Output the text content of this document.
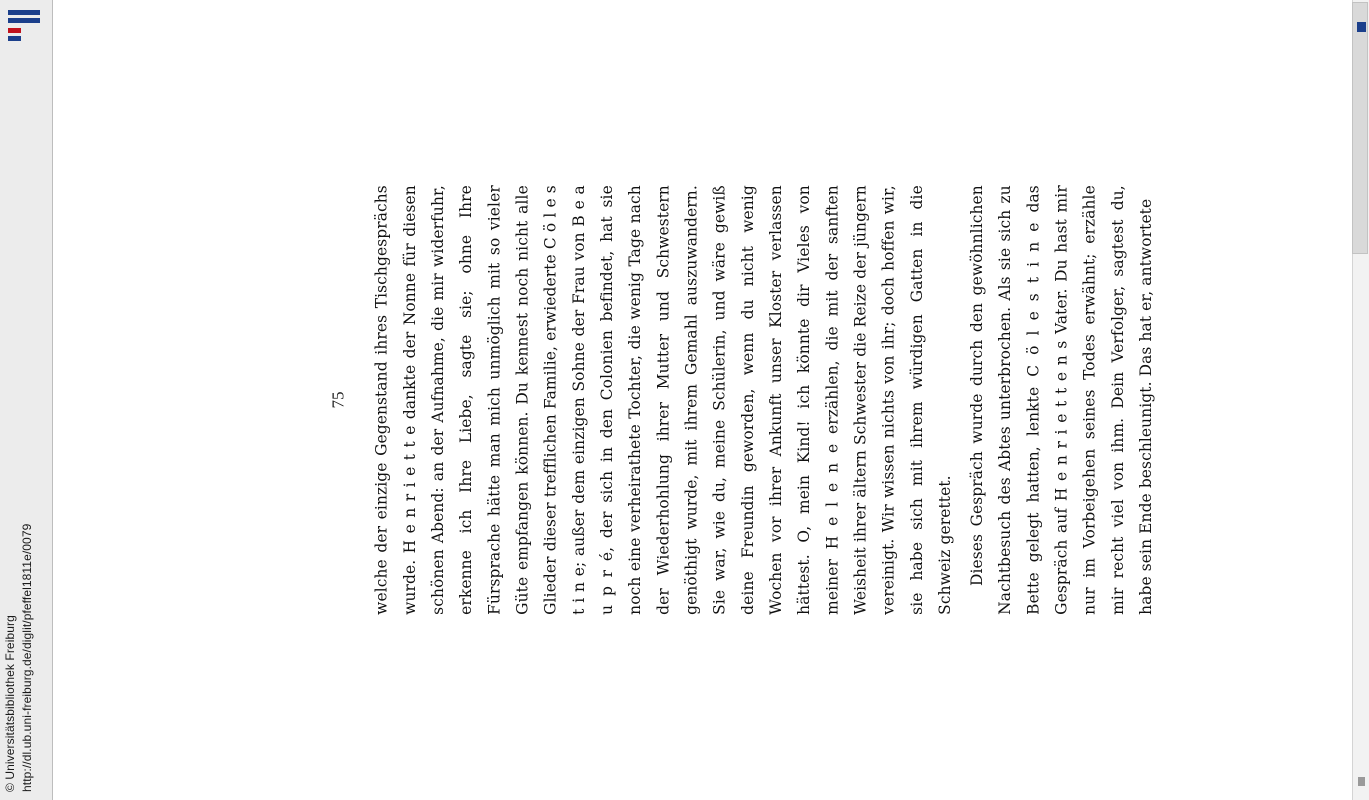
http://dl.ub.uni-freiburg.de/diglit/pfeffel1811e/0079
© Universitätsbibliothek Freiburg
75 welche der einzige Gegenstand ihres Tischgesprächs wurde. H e n r i e t t e dankte der Nonne für diesen schönen Abend: an der Aufnahme, die mir widerfuhr, erkenne ich Ihre Liebe, sagte sie; ohne Ihre Fürsprache hätte man mich unmöglich mit so vieler Güte empfangen können. Du kennest noch nicht alle Glieder dieser trefflichen Familie, erwiederte C ö l e s t i n e; außer dem einzigen Sohne der Frau von B e a u p r é, der sich in den Colonien befindet, hat sie noch eine verheirathete Tochter, die wenig Tage nach der Wiederhohlung ihrer Mutter und Schwestern genöthigt wurde, mit ihrem Gemahl auszuwandern. Sie war, wie du, meine Schülerin, und wäre gewiß deine Freundin geworden, wenn du nicht wenig Wochen vor ihrer Ankunft unser Kloster verlassen hättest. O, mein Kind! ich könnte dir Vieles von meiner H e l e n e erzählen, die mit der sanften Weisheit ihrer ältern Schwester die Reize der jüngern vereinigt. Wir wissen nichts von ihr; doch hoffen wir, sie habe sich mit ihrem würdigen Gatten in die Schweiz gerettet. Dieses Gespräch wurde durch den gewöhnlichen Nachtbesuch des Abtes unterbrochen. Als sie sich zu Bette gelegt hatten, lenkte C ö l e s t i n e das Gespräch auf H e n r i e t t e n s Vater. Du hast mir nur im Vorbeigehen seines Todes erwähnt; erzähle mir recht viel von ihm. Dein Verfolger, sagtest du, habe sein Ende beschleunigt. Das hat er, antwortete
